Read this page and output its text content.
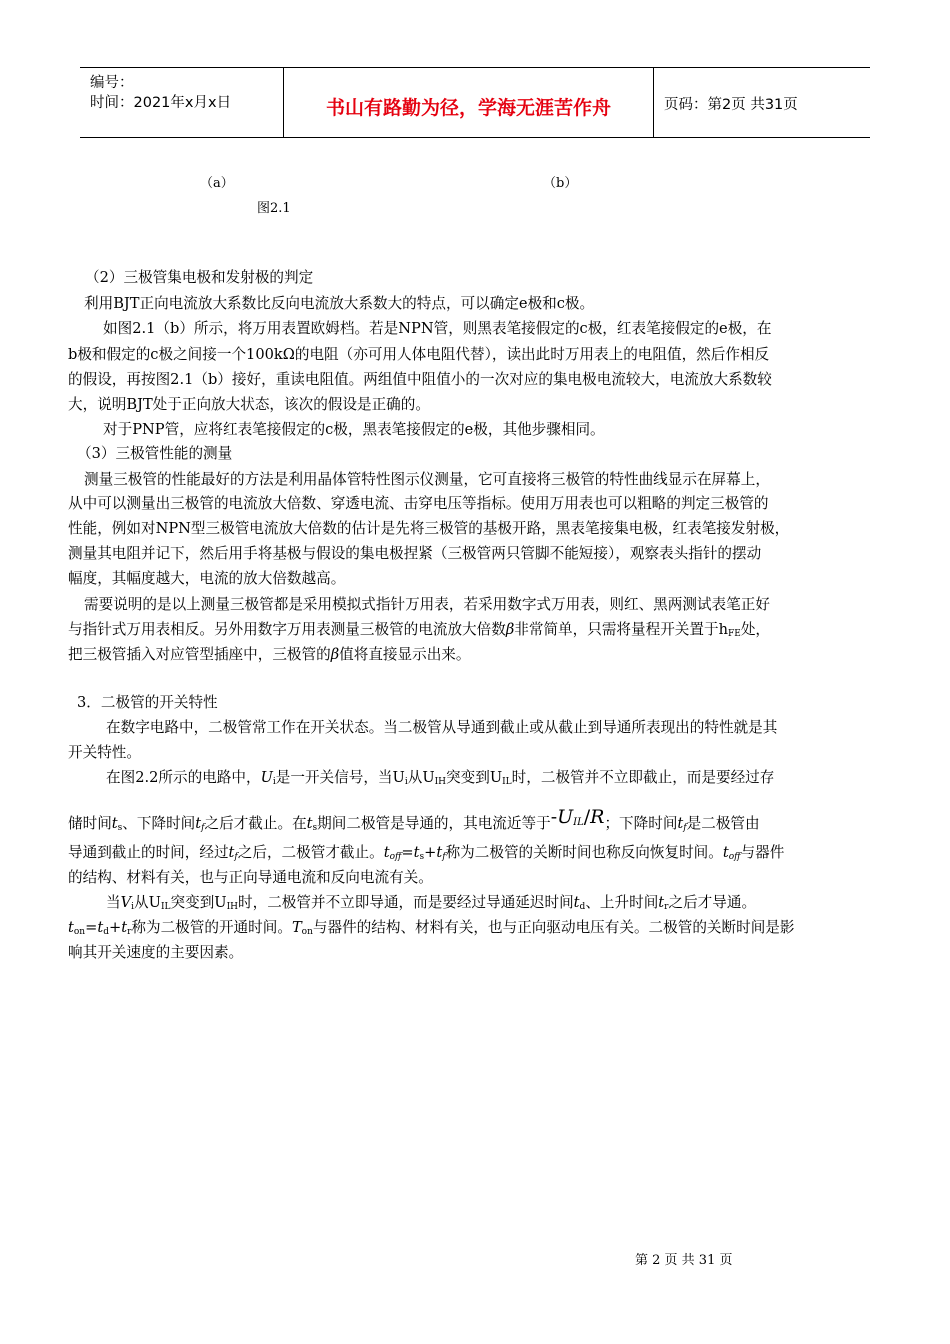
编号：
时间：2021年x月x日	书山有路勤为径，学海无涯苦作舟	页码：第2页 共31页
（a）	（b）
图2.1
（2）三极管集电极和发射极的判定
利用BJT正向电流放大系数比反向电流放大系数大的特点，可以确定e极和c极。
如图2.1（b）所示，将万用表置欧姆档。若是NPN管，则黑表笔接假定的c极，红表笔接假定的e极，在
b极和假定的c极之间接一个100kΩ的电阻（亦可用人体电阻代替），读出此时万用表上的电阻值，然后作相反
的假设，再按图2.1（b）接好，重读电阻值。两组值中阻值小的一次对应的集电极电流较大，电流放大系数较
大，说明BJT处于正向放大状态，该次的假设是正确的。
对于PNP管，应将红表笔接假定的c极，黑表笔接假定的e极，其他步骤相同。
（3）三极管性能的测量
测量三极管的性能最好的方法是利用晶体管特性图示仪测量，它可直接将三极管的特性曲线显示在屏幕上，
从中可以测量出三极管的电流放大倍数、穿透电流、击穿电压等指标。使用万用表也可以粗略的判定三极管的
性能，例如对NPN型三极管电流放大倍数的估计是先将三极管的基极开路，黑表笔接集电极，红表笔接发射极，
测量其电阻并记下，然后用手将基极与假设的集电极捏紧（三极管两只管脚不能短接），观察表头指针的摆动
幅度，其幅度越大，电流的放大倍数越高。
需要说明的是以上测量三极管都是采用模拟式指针万用表，若采用数字式万用表，则红、黑两测试表笔正好
与指针式万用表相反。另外用数字万用表测量三极管的电流放大倍数β非常简单，只需将量程开关置于$h_{FE}$处，
把三极管插入对应管型插座中，三极管的β值将直接显示出来。
3．二极管的开关特性
在数字电路中，二极管常工作在开关状态。当二极管从导通到截止或从截止到导通所表现出的特性就是其
开关特性。
在图2.2所示的电路中，$U_i$是一开关信号，当$U_i$从$U_{IH}$突变到$U_{IL}$时，二极管并不立即截止，而是要经过存
储时间$t_s$、下降时间$t_f$之后才截止。在$t_s$期间二极管是导通的，其电流近等于$-U_{IL}/R$；下降时间$t_f$是二极管由
导通到截止的时间，经过$t_f$之后，二极管才截止。$t_{off}=t_s+t_f$称为二极管的关断时间也称反向恢复时间。$t_{off}$与器件
的结构、材料有关，也与正向导通电流和反向电流有关。
当$V_i$从$U_{IL}$突变到$U_{IH}$时，二极管并不立即导通，而是要经过导通延迟时间$t_d$、上升时间$t_r$之后才导通。
$t_{on}=t_d+t_r$称为二极管的开通时间。$T_{on}$与器件的结构、材料有关，也与正向驱动电压有关。二极管的关断时间是影
响其开关速度的主要因素。
第 2 页 共 31 页
